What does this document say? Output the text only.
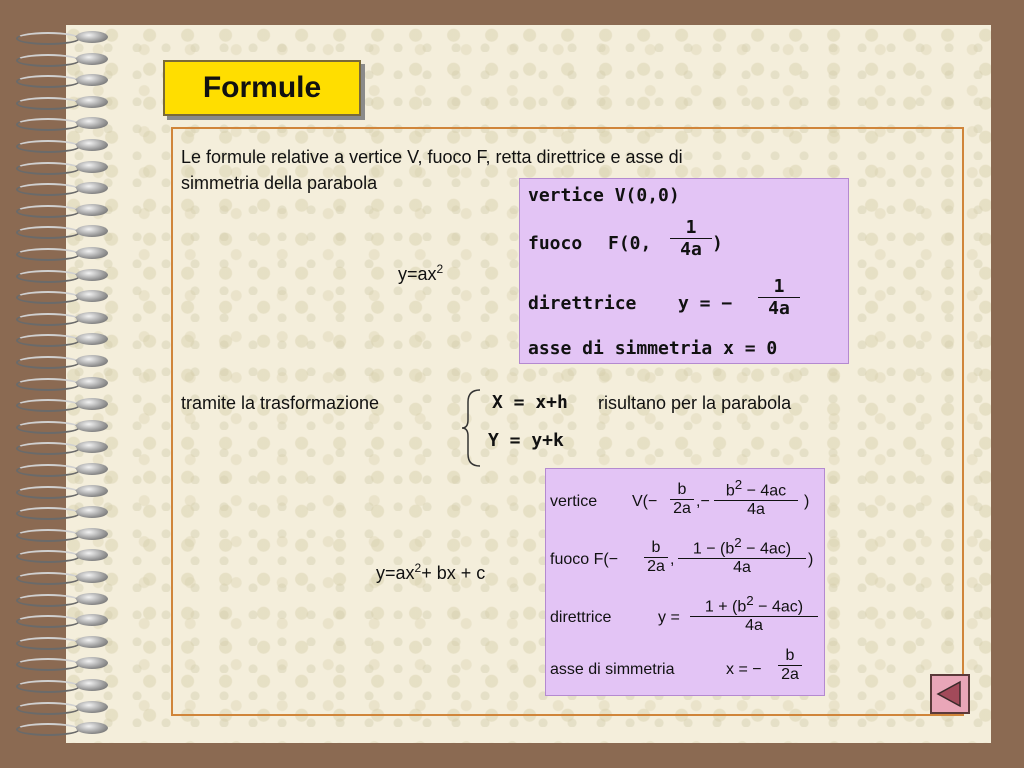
Formule
Le formule relative a vertice V, fuoco F, retta direttrice e asse di
simmetria della parabola
$y=ax^2$
vertice V(0,0)
fuoco F(0,
1
4a )
direttrice y = −
1
4a
asse di simmetria x = 0
tramite la trasformazione	X = x+h
Y = y+k
risultano per la parabola
$y=ax^2+$ bx + c
vertice V(−
b
2a ,−
$b^2 - 4ac$
4a	)
fuoco F(−
b
2a ,
$1 - (b^2 - 4ac)$
4a	)
direttrice	y =
$1 + (b^2 - 4ac)$
4a
asse di simmetria	x = −
b
2a
